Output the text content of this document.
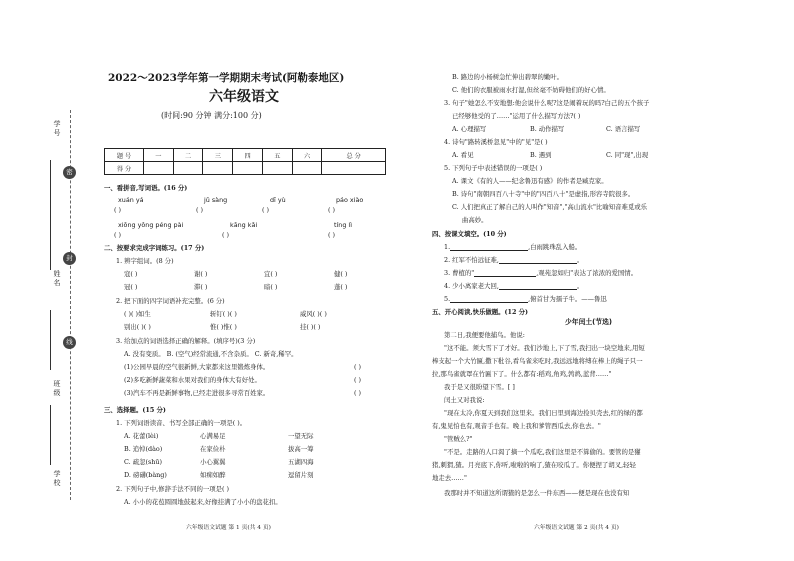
学号
姓名
班级
学校
密
封
线
2022～2023学年第一学期期末考试(阿勒泰地区)
六年级语文
(时间:90 分钟 满分:100 分)
题 号	一	二	三	四	五	六	总 分
得 分							
一、看拼音,写词语。(16 分)
xuán yá	jǔ sàng	dī yù	páo xiào
( )	( )	( )	( )
xiōng yǒng péng pài	kāng kǎi	tíng lì
( )	( )	( )
二、按要求完成字词练习。(17 分)
1. 辨字组词。(8 分)
寇( )	谢( )	宜( )	健( )
冠( )	滞( )	暗( )	蓬( )
2. 把下面的四字词语补充完整。(6 分)
( )( )如生	斩钉( )( )	威风( )( )
别出( )( )	惟( )惟( )	挂( )( )
3. 给加点的词语选择正确的解释。(填序号)(3 分)
A. 没有变质。 B. (空气)经常流通,不含杂质。 C. 新奇,稀罕。
(1)公园早晨的空气很新鲜,大家都来这里锻炼身体。	( )
(2)多吃新鲜蔬菜和水果对我们的身体大有好处。	( )
(3)汽车不再是新鲜事物,已经走进很多寻常百姓家。	( )
三、选择题。(15 分)
1. 下列词语读音、书写全部正确的一项是( )。
A. 花蕾(lèi)	心满易足	一望无际
B. 追悼(dào)	在家俭朴	拔高一筹
C. 疏忽(shū)	小心翼翼	五湖四海
D. 磅礴(bàng)	如痴如醉	逗留片刻
2. 下列句子中,修辞手法不同的一项是( )
A. 小小的花苞圆圆地鼓起来,好像挂满了小小的盘花扣。
六年级语文试题 第 1 页(共 4 页)
B. 路边的小杨树急忙伸出碧翠的嫩叶。
C. 他们的衣服被雨水打湿,但丝毫不妨碍他们的好心情。
3. 句子"她怎么不安地想:他会说什么呢?这是闹着玩的吗?白己的五个孩子
已经够他受的了……"运用了什么描写方法?( )
A. 心理描写	B. 动作描写	C. 语言描写
4. 诗句"路转溪桥忽见"中的"见"是( )
A. 看见	B. 遇到	C. 同"现",出现
5. 下列句子中表述错误的一项是( )
A. 课文《有的人——纪念鲁迅有感》的作者是臧克家。
B. 诗句"南朝四百八十寺"中的"四百八十"是虚指,形容寺院很多。
C. 人们把真正了解自己的人叫作"知音","高山流水"比喻知音难觅或乐
曲高妙。
四、按课文填空。(10 分)
1.	,白雨跳珠乱入船。
2. 红军不怕远征难,	。
3. 曹植的"	,观苑忽如归"表达了浓浓的爱国情。
4. 少小离家老大回,	。
5.	,俯首甘为孺子牛。——鲁迅
五、开心阅读,快乐做题。(12 分)
少年闰土(节选)
第二日,我便要他捕鸟。他说:
"这不能。须大雪下了才好。我们沙地上,下了雪,我扫出一块空地来,用短
棒支起一个大竹匾,撒下秕谷,看鸟雀来吃时,我远远地将缚在棒上的绳子只一
拉,那鸟雀就罩在竹匾下了。什么都有:稻鸡,角鸡,鹁鸪,蓝背……"
我于是又很盼望下雪。[ ]
闰土又对我说:
"现在太冷,你夏天到我们这里来。我们日里到海边捡贝壳去,红的绿的都
有,鬼见怕也有,观音手也有。晚上我和爹管西瓜去,你也去。"
"管贼么?"
"不是。走路的人口渴了摘一个瓜吃,我们这里是不算偷的。要管的是獾
猪,刺猬,猹。月亮底下,你听,啦啦的响了,猹在咬瓜了。你便捏了胡叉,轻轻
地走去……"
我那时并不知道这所谓猹的是怎么一件东西——便是现在也没有知
六年级语文试题 第 2 页(共 4 页)
